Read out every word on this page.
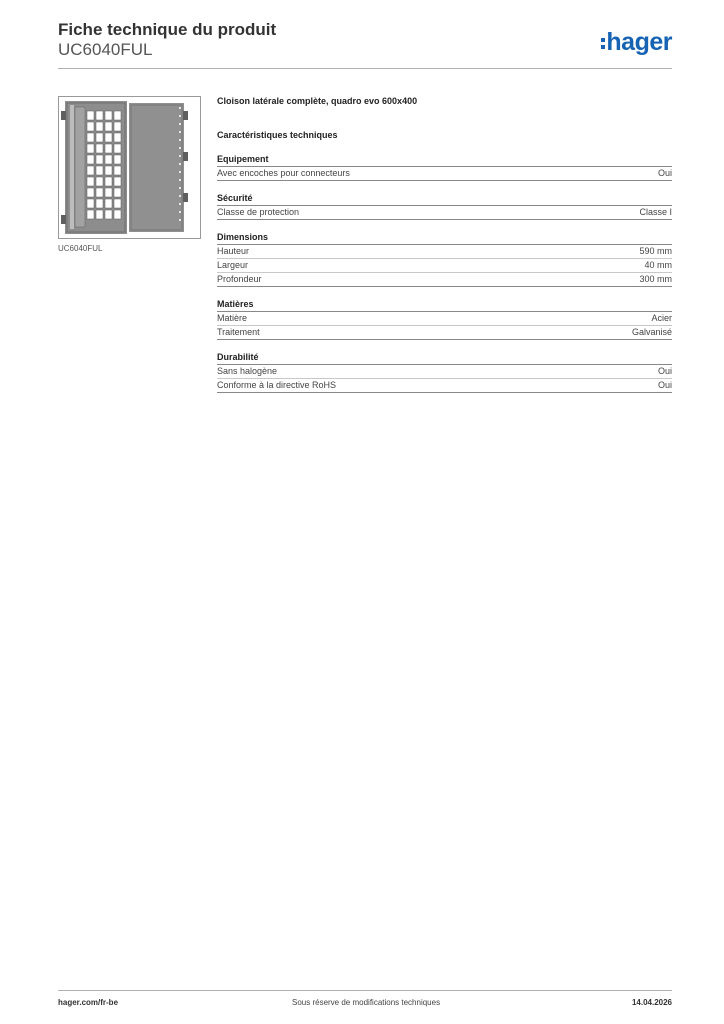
Fiche technique du produit
UC6040FUL	hager
UC6040FUL
Cloison latérale complète, quadro evo 600x400
Caractéristiques techniques
Equipement
Avec encoches pour connecteurs	Oui
Sécurité
Classe de protection	Classe I
Dimensions
Hauteur	590 mm
Largeur	40 mm
Profondeur	300 mm
Matières
Matière	Acier
Traitement	Galvanisé
Durabilité
Sans halogène	Oui
Conforme à la directive RoHS	Oui
hager.com/fr-be	Sous réserve de modifications techniques	14.04.2026
